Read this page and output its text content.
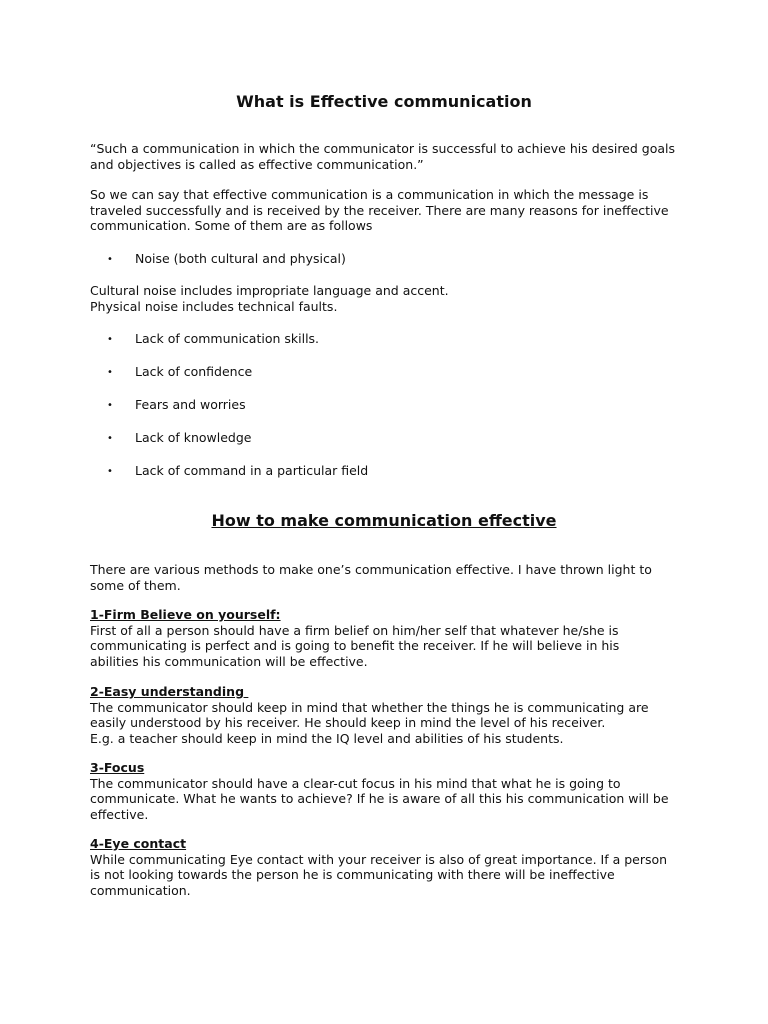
What is Effective communication

“Such a communication in which the communicator is successful to achieve his desired goals
and objectives is called as effective communication.”

So we can say that effective communication is a communication in which the message is
traveled successfully and is received by the receiver. There are many reasons for ineffective
communication. Some of them are as follows

• Noise (both cultural and physical)

Cultural noise includes impropriate language and accent.
Physical noise includes technical faults.

• Lack of communication skills.

• Lack of confidence

• Fears and worries

• Lack of knowledge

• Lack of command in a particular field

How to make communication effective

There are various methods to make one’s communication effective. I have thrown light to
some of them.

1-Firm Believe on yourself:
First of all a person should have a firm belief on him/her self that whatever he/she is
communicating is perfect and is going to benefit the receiver. If he will believe in his
abilities his communication will be effective.
2-Easy understanding
The communicator should keep in mind that whether the things he is communicating are
easily understood by his receiver. He should keep in mind the level of his receiver.
E.g. a teacher should keep in mind the IQ level and abilities of his students.
3-Focus
The communicator should have a clear-cut focus in his mind that what he is going to
communicate. What he wants to achieve? If he is aware of all this his communication will be
effective.
4-Eye contact
While communicating Eye contact with your receiver is also of great importance. If a person
is not looking towards the person he is communicating with there will be ineffective
communication.
